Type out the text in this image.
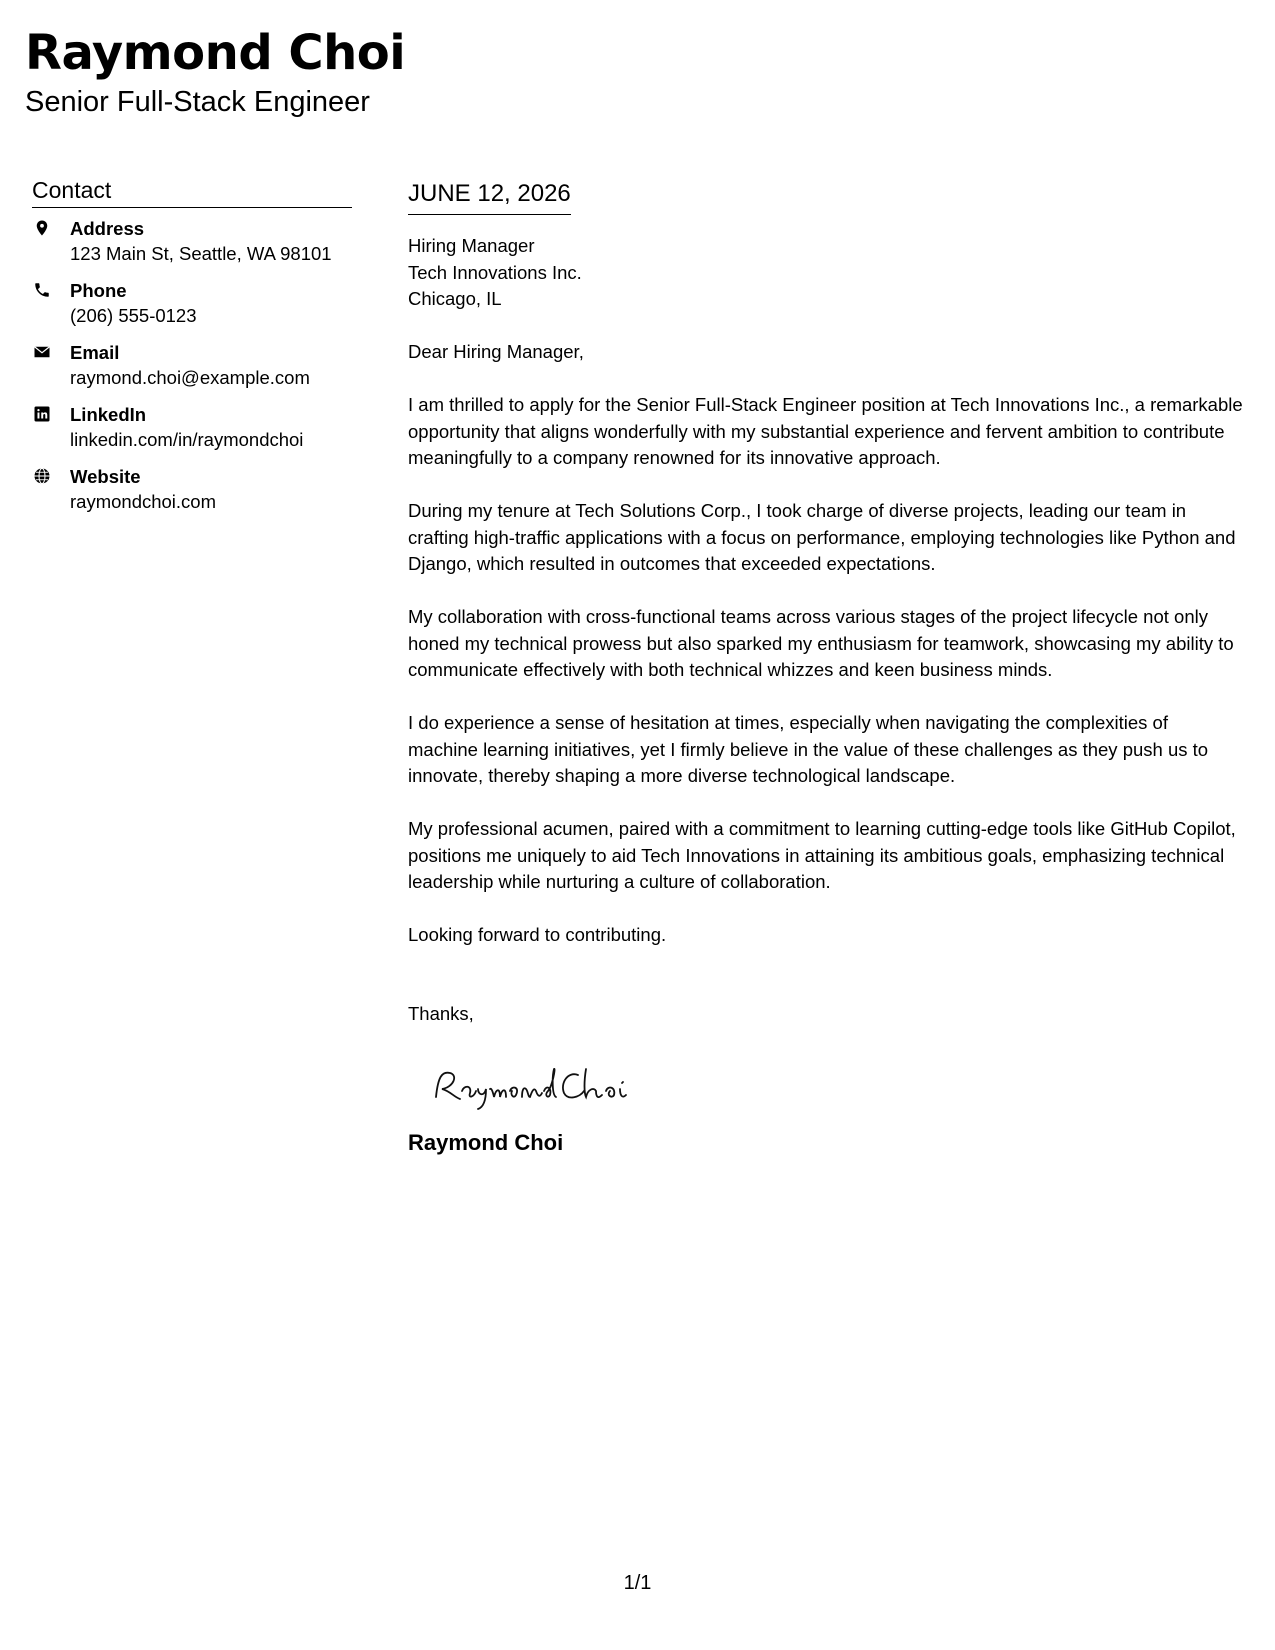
Raymond Choi
Senior Full-Stack Engineer
Contact
Address
123 Main St, Seattle, WA 98101
Phone
(206) 555-0123
Email
raymond.choi@example.com
LinkedIn
linkedin.com/in/raymondchoi
Website
raymondchoi.com
JUNE 12, 2026
Hiring Manager
Tech Innovations Inc.
Chicago, IL

Dear Hiring Manager,

I am thrilled to apply for the Senior Full-Stack Engineer position at Tech Innovations Inc., a remarkable opportunity that aligns wonderfully with my substantial experience and fervent ambition to contribute meaningfully to a company renowned for its innovative approach.

During my tenure at Tech Solutions Corp., I took charge of diverse projects, leading our team in crafting high-traffic applications with a focus on performance, employing technologies like Python and Django, which resulted in outcomes that exceeded expectations.

My collaboration with cross-functional teams across various stages of the project lifecycle not only honed my technical prowess but also sparked my enthusiasm for teamwork, showcasing my ability to communicate effectively with both technical whizzes and keen business minds.

I do experience a sense of hesitation at times, especially when navigating the complexities of machine learning initiatives, yet I firmly believe in the value of these challenges as they push us to innovate, thereby shaping a more diverse technological landscape.

My professional acumen, paired with a commitment to learning cutting-edge tools like GitHub Copilot, positions me uniquely to aid Tech Innovations in attaining its ambitious goals, emphasizing technical leadership while nurturing a culture of collaboration.

Looking forward to contributing.

Thanks,
Raymond Choi
1/1
